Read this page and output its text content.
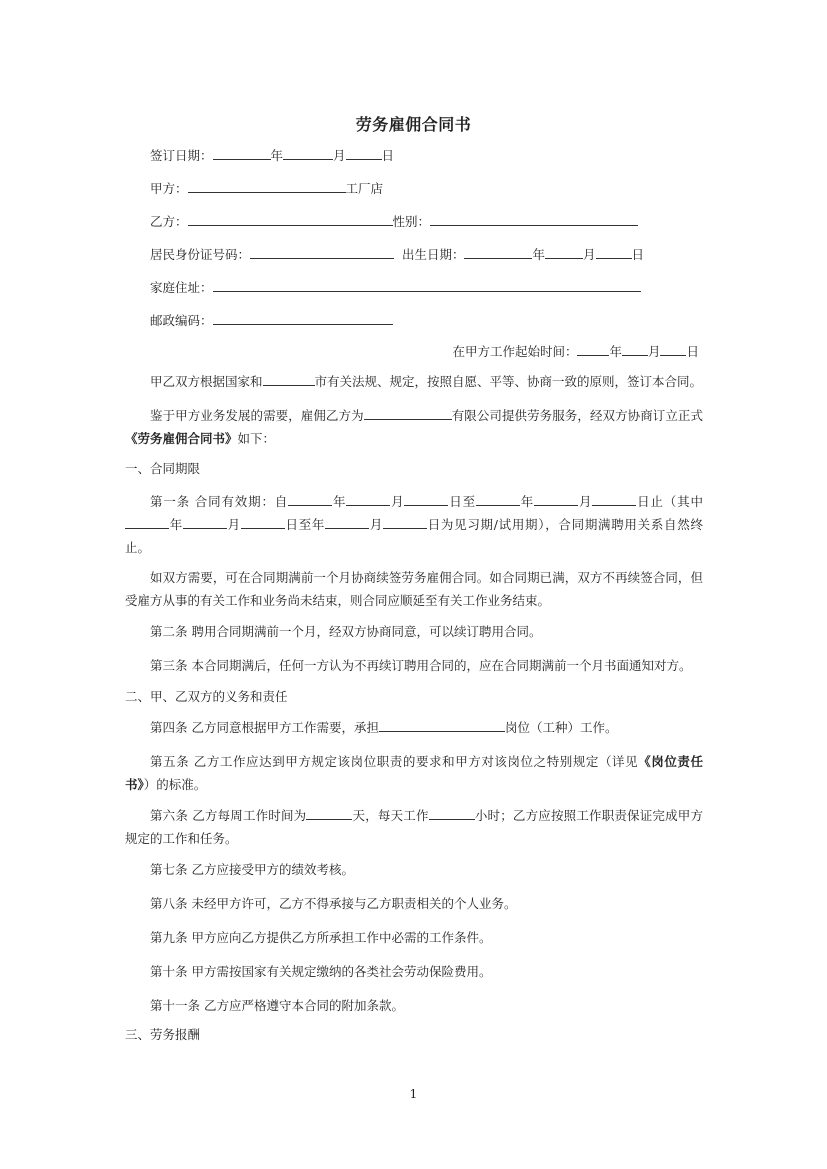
劳务雇佣合同书
签订日期：	年	月	日
甲方：	工厂店
乙方：	性别：
居民身份证号码：	出生日期：	年	月	日
家庭住址：
邮政编码：
在甲方工作起始时间：	年 月 日
甲乙双方根据国家和	市有关法规、规定，按照自愿、平等、协商一致的原则，签订本合同。
鉴于甲方业务发展的需要，雇佣乙方为	有限公司提供劳务服务，经双方协商订立正式《劳务雇佣合同书》如下：
一、合同期限
第一条 合同有效期：自	年	月	日至	年	月	日止（其中年	月	日至年	月	日为见习期/试用期），合同期满聘用关系自然终止。
如双方需要，可在合同期满前一个月协商续签劳务雇佣合同。如合同期已满，双方不再续签合同，但受雇方从事的有关工作和业务尚未结束，则合同应顺延至有关工作业务结束。
第二条 聘用合同期满前一个月，经双方协商同意，可以续订聘用合同。
第三条 本合同期满后，任何一方认为不再续订聘用合同的，应在合同期满前一个月书面通知对方。
二、甲、乙双方的义务和责任
第四条 乙方同意根据甲方工作需要，承担	岗位（工种）工作。
第五条 乙方工作应达到甲方规定该岗位职责的要求和甲方对该岗位之特别规定（详见《岗位责任书》）的标准。
第六条 乙方每周工作时间为	天，每天工作	小时；乙方应按照工作职责保证完成甲方规定的工作和任务。
第七条 乙方应接受甲方的绩效考核。
第八条 未经甲方许可，乙方不得承接与乙方职责相关的个人业务。
第九条 甲方应向乙方提供乙方所承担工作中必需的工作条件。
第十条 甲方需按国家有关规定缴纳的各类社会劳动保险费用。
第十一条 乙方应严格遵守本合同的附加条款。
三、劳务报酬
1
